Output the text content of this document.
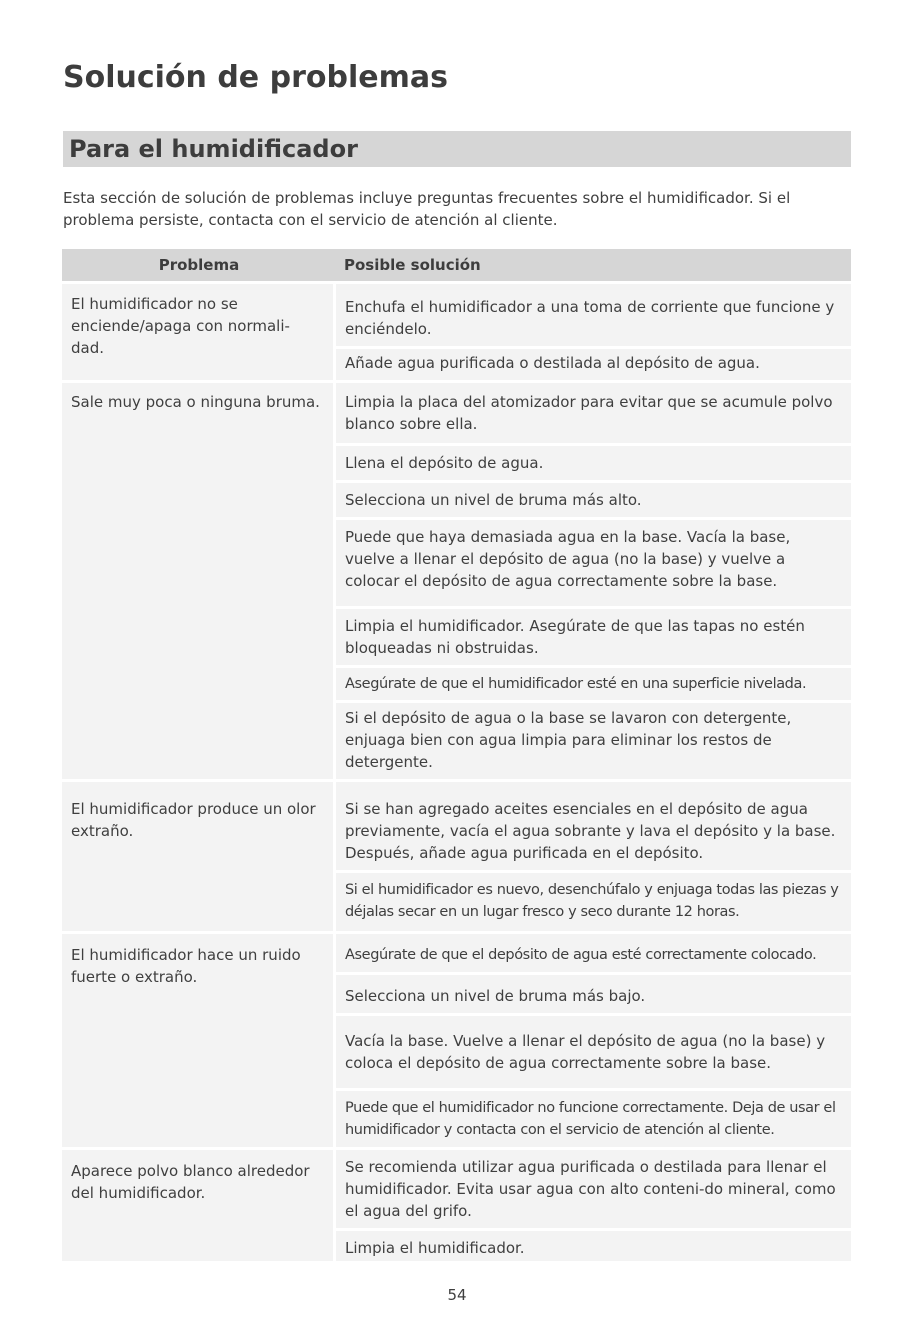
Solución de problemas
Para el humidificador

Esta sección de solución de problemas incluye preguntas frecuentes sobre el humidificador. Si el problema persiste, contacta con el servicio de atención al cliente.

Problema	Posible solución
El humidificador no se enciende/apaga con normali-dad.	Enchufa el humidificador a una toma de corriente que funcione y enciéndelo.
	Añade agua purificada o destilada al depósito de agua.
Sale muy poca o ninguna bruma.	Limpia la placa del atomizador para evitar que se acumule polvo blanco sobre ella.
	Llena el depósito de agua.
	Selecciona un nivel de bruma más alto.
	Puede que haya demasiada agua en la base. Vacía la base, vuelve a llenar el depósito de agua (no la base) y vuelve a colocar el depósito de agua correctamente sobre la base.
	Limpia el humidificador. Asegúrate de que las tapas no estén bloqueadas ni obstruidas.
	Asegúrate de que el humidificador esté en una superficie nivelada.
	Si el depósito de agua o la base se lavaron con detergente, enjuaga bien con agua limpia para eliminar los restos de detergente.
El humidificador produce un olor extraño.	Si se han agregado aceites esenciales en el depósito de agua previamente, vacía el agua sobrante y lava el depósito y la base. Después, añade agua purificada en el depósito.
	Si el humidificador es nuevo, desenchúfalo y enjuaga todas las piezas y déjalas secar en un lugar fresco y seco durante 12 horas.
El humidificador hace un ruido fuerte o extraño.	Asegúrate de que el depósito de agua esté correctamente colocado.
	Selecciona un nivel de bruma más bajo.
	Vacía la base. Vuelve a llenar el depósito de agua (no la base) y coloca el depósito de agua correctamente sobre la base.
	Puede que el humidificador no funcione correctamente. Deja de usar el humidificador y contacta con el servicio de atención al cliente.
Aparece polvo blanco alrededor del humidificador.	Se recomienda utilizar agua purificada o destilada para llenar el humidificador. Evita usar agua con alto conteni-do mineral, como el agua del grifo.
	Limpia el humidificador.
54
